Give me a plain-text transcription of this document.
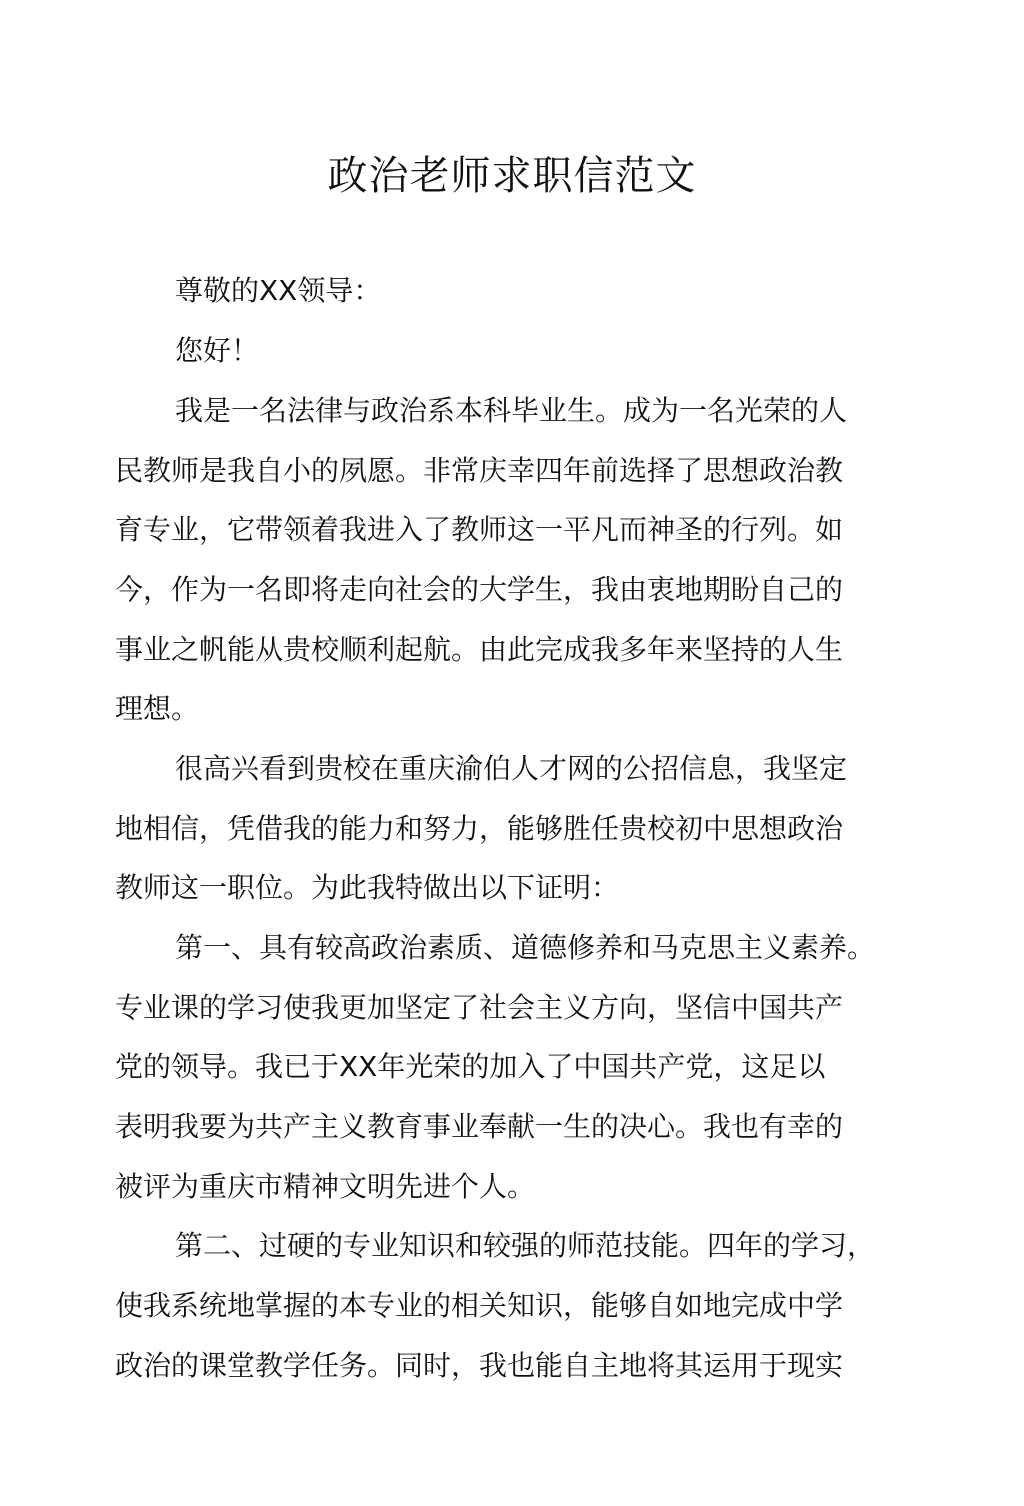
政治老师求职信范文

尊敬的XX领导：

您好！

我是一名法律与政治系本科毕业生。成为一名光荣的人

民教师是我自小的夙愿。非常庆幸四年前选择了思想政治教

育专业，它带领着我进入了教师这一平凡而神圣的行列。如

今，作为一名即将走向社会的大学生，我由衷地期盼自己的

事业之帆能从贵校顺利起航。由此完成我多年来坚持的人生

理想。

很高兴看到贵校在重庆渝伯人才网的公招信息，我坚定

地相信，凭借我的能力和努力，能够胜任贵校初中思想政治

教师这一职位。为此我特做出以下证明：

第一、具有较高政治素质、道德修养和马克思主义素养。

专业课的学习使我更加坚定了社会主义方向，坚信中国共产

党的领导。我已于XX年光荣的加入了中国共产党，这足以

表明我要为共产主义教育事业奉献一生的决心。我也有幸的

被评为重庆市精神文明先进个人。

第二、过硬的专业知识和较强的师范技能。四年的学习，

使我系统地掌握的本专业的相关知识，能够自如地完成中学

政治的课堂教学任务。同时，我也能自主地将其运用于现实
